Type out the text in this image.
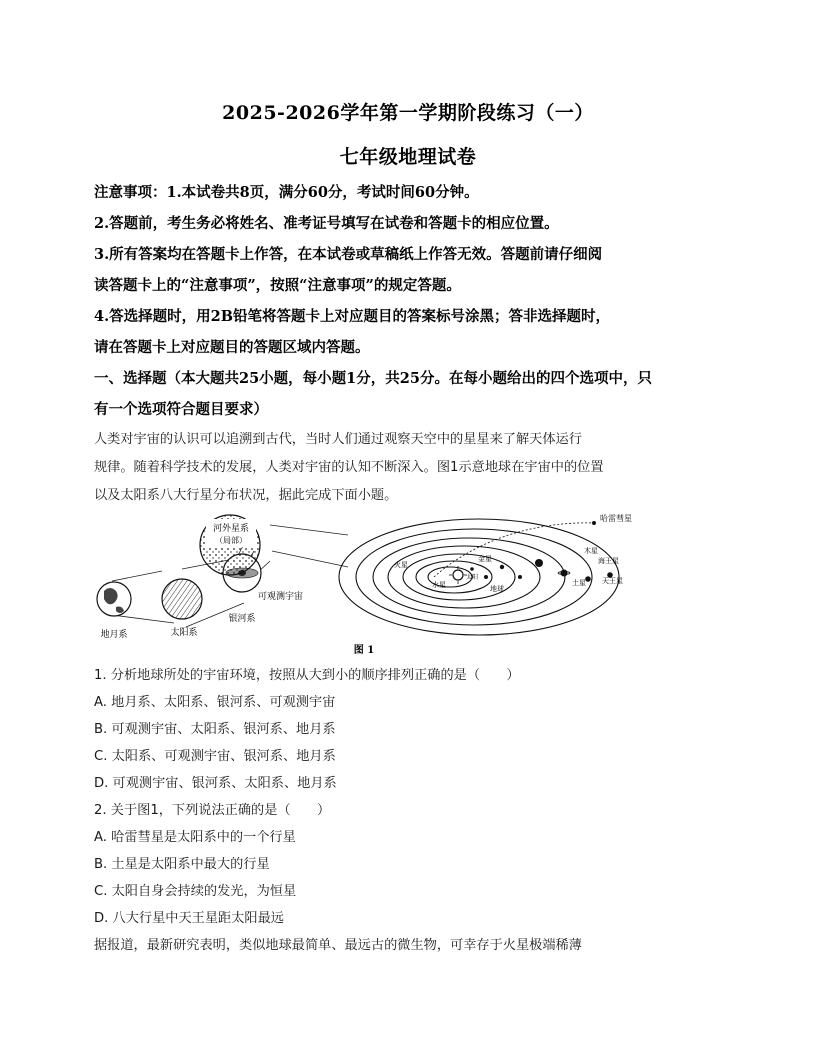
2025-2026学年第一学期阶段练习（一）
七年级地理试卷
注意事项：1.本试卷共8页，满分60分，考试时间60分钟。
2.答题前，考生务必将姓名、准考证号填写在试卷和答题卡的相应位置。
3.所有答案均在答题卡上作答，在本试卷或草稿纸上作答无效。答题前请仔细阅
读答题卡上的“注意事项”，按照“注意事项”的规定答题。
4.答选择题时，用2B铅笔将答题卡上对应题目的答案标号涂黑；答非选择题时，
请在答题卡上对应题目的答题区域内答题。
一、选择题（本大题共25小题，每小题1分，共25分。在每小题给出的四个选项中，只
有一个选项符合题目要求）
人类对宇宙的认识可以追溯到古代，当时人们通过观察天空中的星星来了解天体运行
规律。随着科学技术的发展，人类对宇宙的认知不断深入。图1示意地球在宇宙中的位置
以及太阳系八大行星分布状况，据此完成下面小题。
河外星系
（局部）
可观测宇宙
地月系	太阳系
银河系
哈雷彗星
海王星
天王星
土星
木星
火星
地球
金星
水星
太阳
图 1
1. 分析地球所处的宇宙环境，按照从大到小的顺序排列正确的是（　　）
A. 地月系、太阳系、银河系、可观测宇宙
B. 可观测宇宙、太阳系、银河系、地月系
C. 太阳系、可观测宇宙、银河系、地月系
D. 可观测宇宙、银河系、太阳系、地月系
2. 关于图1，下列说法正确的是（　　）
A. 哈雷彗星是太阳系中的一个行星
B. 土星是太阳系中最大的行星
C. 太阳自身会持续的发光，为恒星
D. 八大行星中天王星距太阳最远
据报道，最新研究表明，类似地球最简单、最远古的微生物，可幸存于火星极端稀薄
